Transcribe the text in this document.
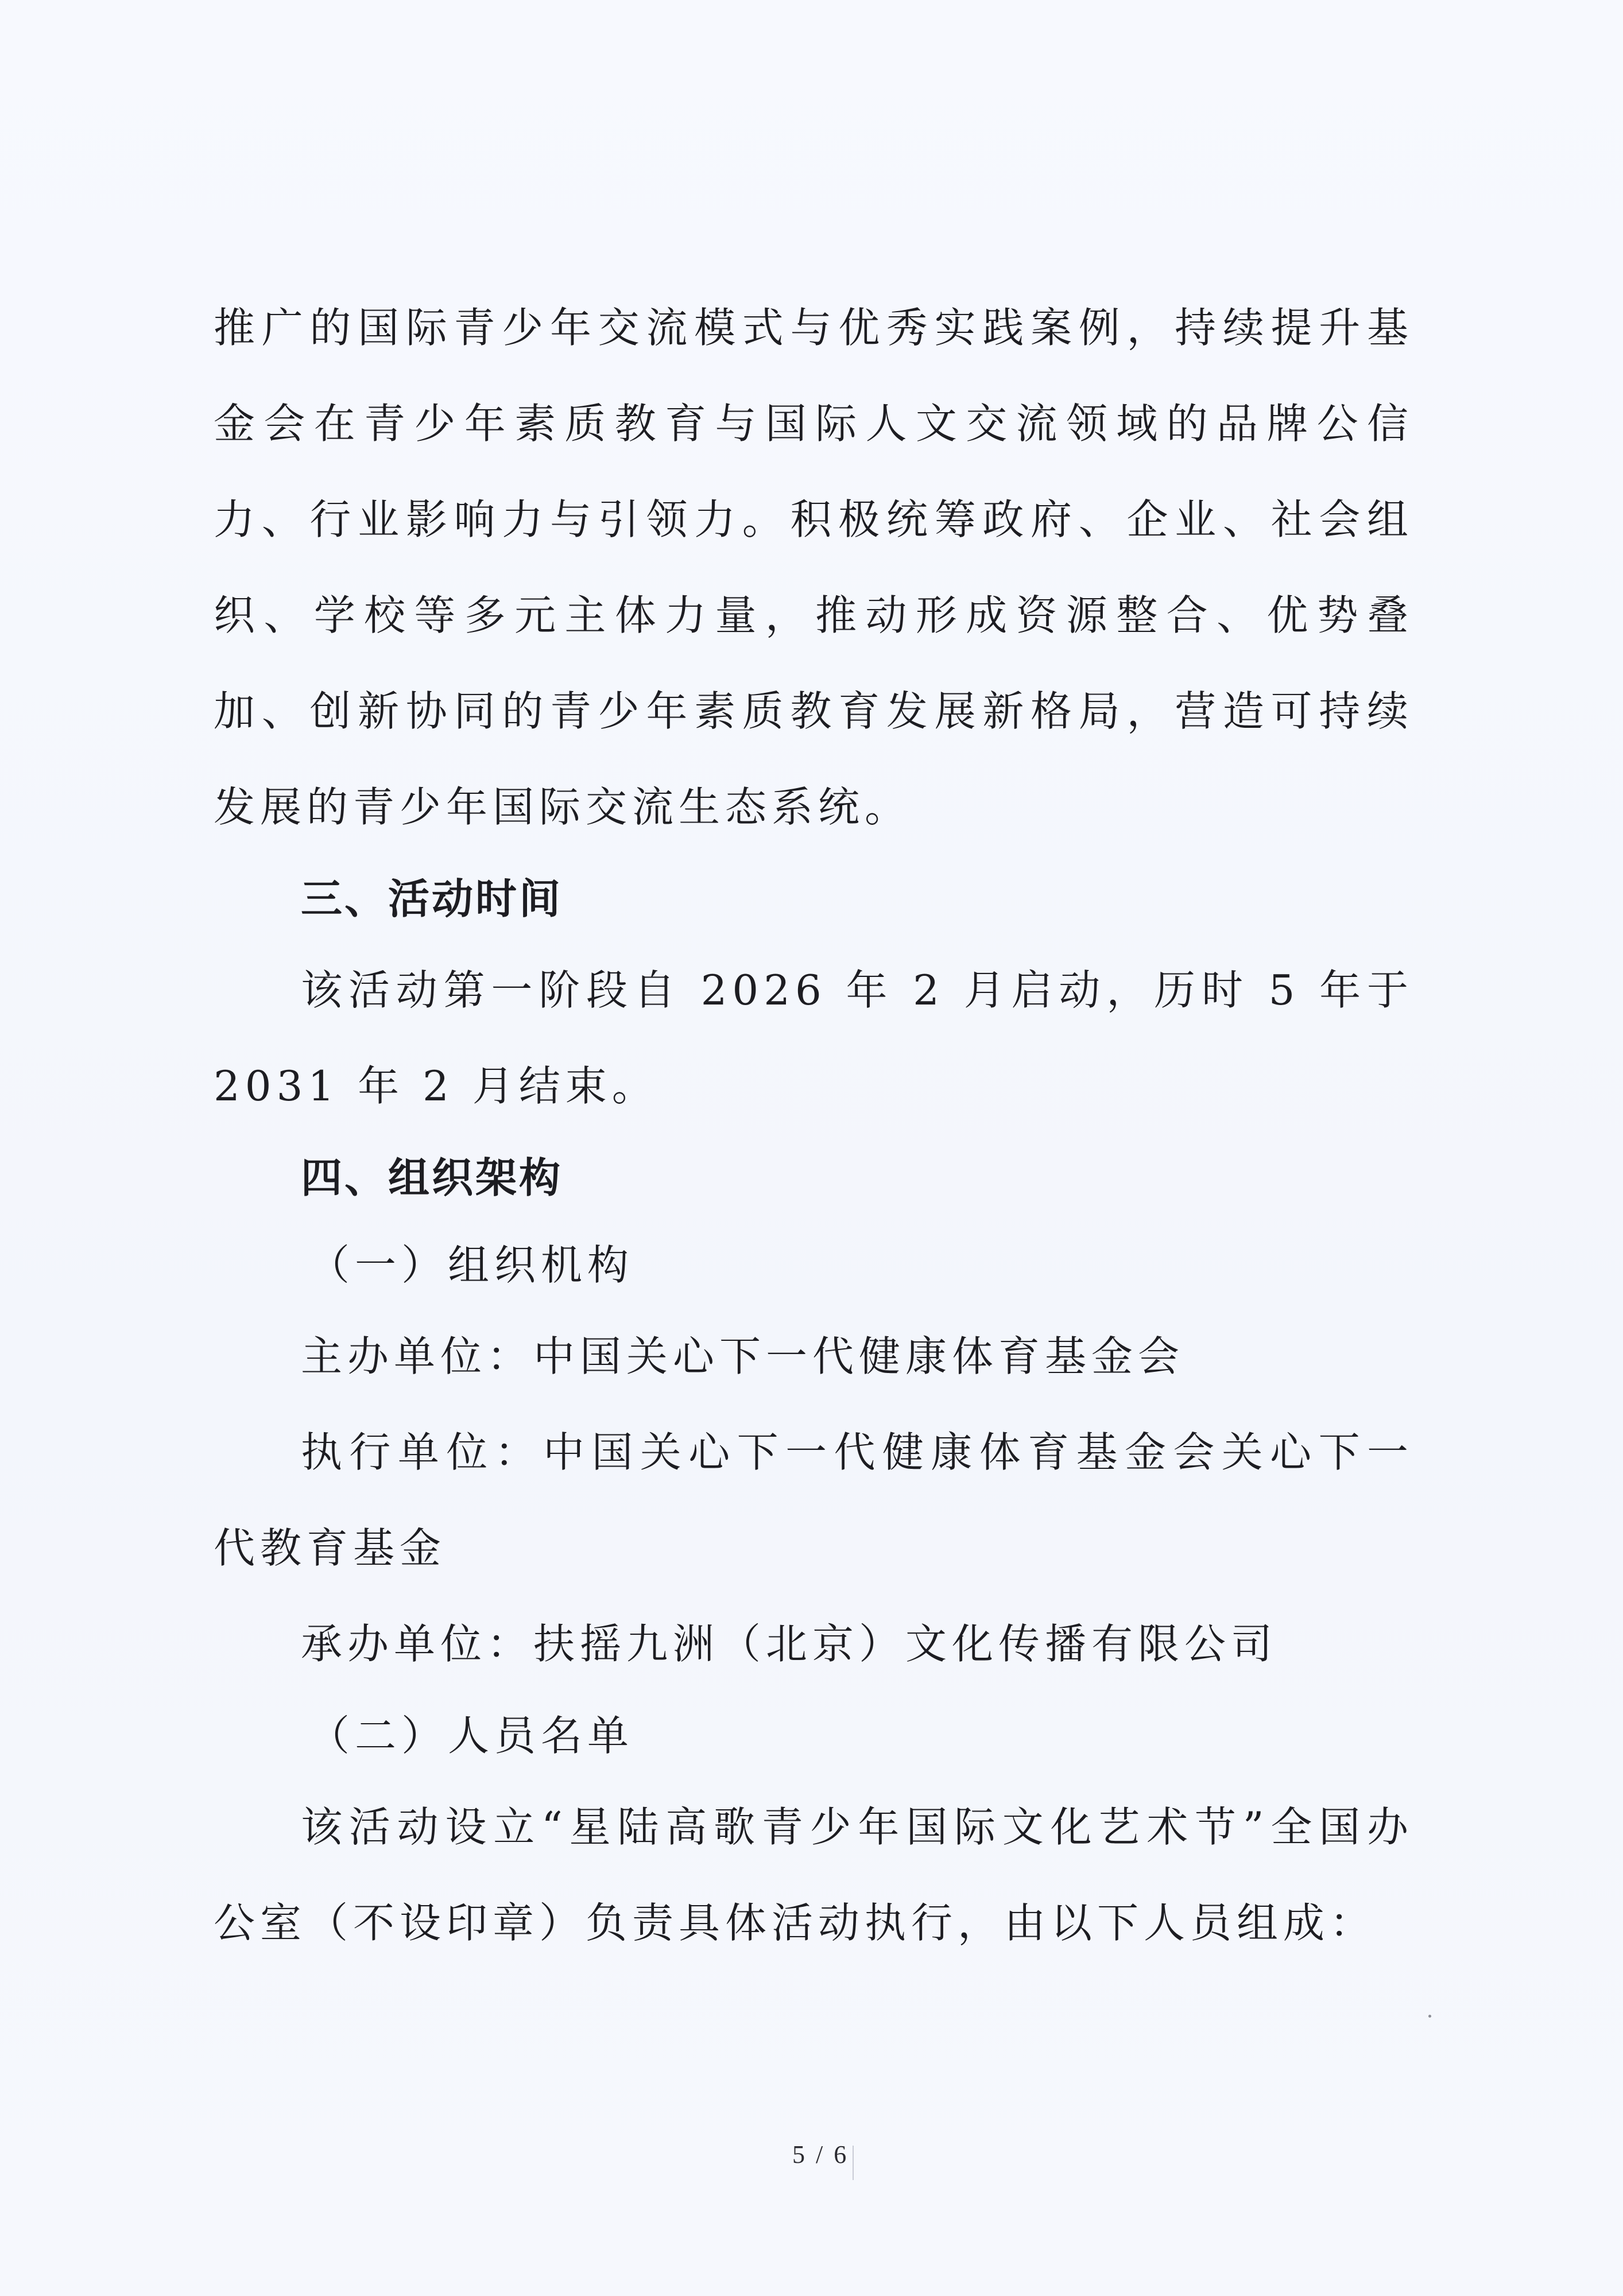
推广的国际青少年交流模式与优秀实践案例，持续提升基金会在青少年素质教育与国际人文交流领域的品牌公信力、行业影响力与引领力。积极统筹政府、企业、社会组织、学校等多元主体力量，推动形成资源整合、优势叠加、创新协同的青少年素质教育发展新格局，营造可持续发展的青少年国际交流生态系统。

三、活动时间

该活动第一阶段自 2026 年 2 月启动，历时 5 年于 2031 年 2 月结束。

四、组织架构

（一）组织机构

主办单位：中国关心下一代健康体育基金会

执行单位：中国关心下一代健康体育基金会关心下一代教育基金

承办单位：扶摇九洲（北京）文化传播有限公司

（二）人员名单

该活动设立“星陆高歌青少年国际文化艺术节”全国办公室（不设印章）负责具体活动执行，由以下人员组成：

5 / 6
